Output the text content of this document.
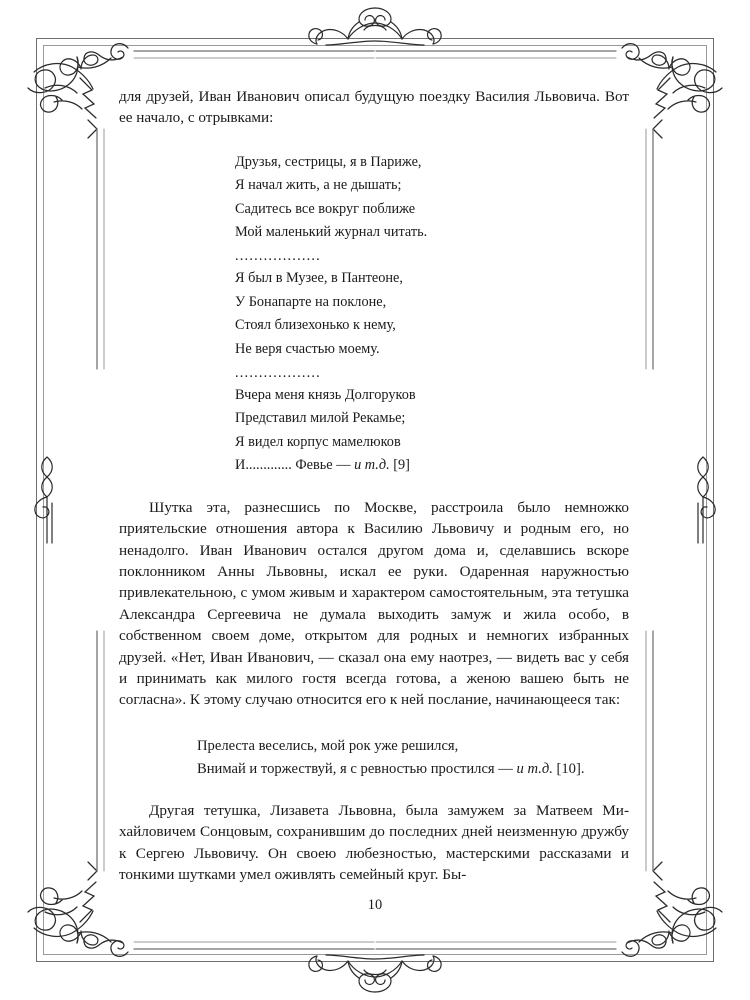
для друзей, Иван Иванович описал будущую поездку Василия Львовича. Вот ее начало, с отрывками:

Друзья, сестрицы, я в Париже,
Я начал жить, а не дышать;
Садитесь все вокруг поближе
Мой маленький журнал читать.
..................
Я был в Музее, в Пантеоне,
У Бонапарте на поклоне,
Стоял близехонько к нему,
Не веря счастью моему.
..................
Вчера меня князь Долгоруков
Представил милой Рекамье;
Я видел корпус мамелюков
И............. Февье — и т.д. [9]

Шутка эта, разнесшись по Москве, расстроила было немножко приятельские отношения автора к Василию Львовичу и родным его, но ненадолго. Иван Иванович остался другом дома и, сделавшись вскоре поклонником Анны Львовны, искал ее руки. Одаренная наружностью привлекательною, с умом живым и характером самостоятельным, эта тетушка Александра Сергеевича не думала выходить замуж и жила особо, в собственном своем доме, открытом для родных и немногих избранных друзей. «Нет, Иван Иванович, — сказал она ему наотрез, — видеть вас у себя и принимать как милого гостя всегда готова, а женою вашею быть не согласна». К этому случаю относится его к ней послание, начинающееся так:

Прелеста веселись, мой рок уже решился,
Внимай и торжествуй, я с ревностью простился — и т.д. [10].

Другая тетушка, Лизавета Львовна, была замужем за Матвеем Михайловичем Сонцовым, сохранившим до последних дней неизменную дружбу к Сергею Львовичу. Он своею любезностью, мастерскими рассказами и тонкими шутками умел оживлять семейный круг. Бы-

10
